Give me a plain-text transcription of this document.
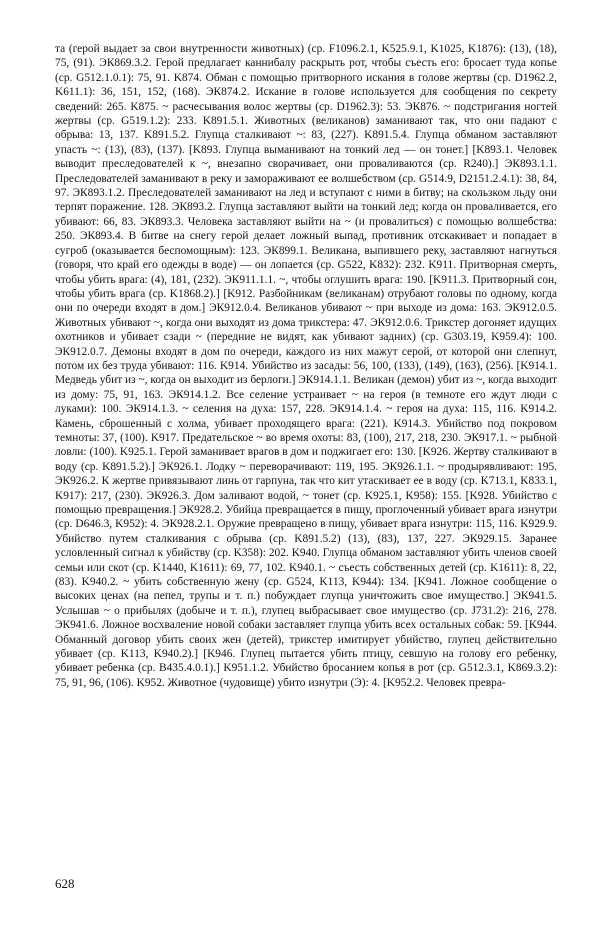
та (герой выдает за свои внутренности животных) (ср. F1096.2.1, K525.9.1, K1025, K1876): (13), (18), 75, (91). ЭК869.3.2. Герой предлагает каннибалу раскрыть рот, чтобы съесть его: бросает туда копье (ср. G512.1.0.1): 75, 91. K874. Обман с помощью притворного искания в голове жертвы (ср. D1962.2, K611.1): 36, 151, 152, (168). ЭК874.2. Искание в голове используется для сообщения по секрету сведений: 265. K875. ~ расчесывания волос жертвы (ср. D1962.3): 53. ЭК876. ~ подстригания ногтей жертвы (ср. G519.1.2): 233. K891.5.1. Животных (великанов) заманивают так, что они падают с обрыва: 13, 137. K891.5.2. Глупца сталкивают ~: 83, (227). K891.5.4. Глупца обманом заставляют упасть ~: (13), (83), (137). [K893. Глупца выманивают на тонкий лед — он тонет.] [K893.1. Человек выводит преследователей к ~, внезапно сворачивает, они проваливаются (ср. R240).] ЭК893.1.1. Преследователей заманивают в реку и замораживают ее волшебством (ср. G514.9, D2151.2.4.1): 38, 84, 97. ЭК893.1.2. Преследователей заманивают на лед и вступают с ними в битву; на скользком льду они терпят поражение. 128. ЭК893.2. Глупца заставляют выйти на тонкий лед; когда он проваливается, его убивают: 66, 83. ЭК893.3. Человека заставляют выйти на ~ (и провалиться) с помощью волшебства: 250. ЭК893.4. В битве на снегу герой делает ложный выпад, противник отскакивает и попадает в сугроб (оказывается беспомощным): 123. ЭК899.1. Великана, выпившего реку, заставляют нагнуться (говоря, что край его одежды в воде) — он лопается (ср. G522, K832): 232. K911. Притворная смерть, чтобы убить врага: (4), 181, (232). ЭК911.1.1. ~, чтобы оглушить врага: 190. [K911.3. Притворный сон, чтобы убить врага (ср. K1868.2).] [K912. Разбойникам (великанам) отрубают головы по одному, когда они по очереди входят в дом.] ЭК912.0.4. Великанов убивают ~ при выходе из дома: 163. ЭК912.0.5. Животных убивают ~, когда они выходят из дома трикстера: 47. ЭК912.0.6. Трикстер догоняет идущих охотников и убивает сзади ~ (передние не видят, как убивают задних) (ср. G303.19, K959.4): 100. ЭК912.0.7. Демоны входят в дом по очереди, каждого из них мажут серой, от которой они слепнут, потом их без труда убивают: 116. K914. Убийство из засады: 56, 100, (133), (149), (163), (256). [K914.1. Медведь убит из ~, когда он выходит из берлоги.] ЭК914.1.1. Великан (демон) убит из ~, когда выходит из дому: 75, 91, 163. ЭК914.1.2. Все селение устраивает ~ на героя (в темноте его ждут люди с луками): 100. ЭК914.1.3. ~ селения на духа: 157, 228. ЭК914.1.4. ~ героя на духа: 115, 116. K914.2. Камень, сброшенный с холма, убивает проходящего врага: (221). K914.3. Убийство под покровом темноты: 37, (100). K917. Предательское ~ во время охоты: 83, (100), 217, 218, 230. ЭК917.1. ~ рыбной ловли: (100). K925.1. Герой заманивает врагов в дом и поджигает его: 130. [K926. Жертву сталкивают в воду (ср. K891.5.2).] ЭК926.1. Лодку ~ переворачивают: 119, 195. ЭК926.1.1. ~ продырявливают: 195. ЭК926.2. К жертве привязывают линь от гарпуна, так что кит утаскивает ее в воду (ср. K713.1, K833.1, K917): 217, (230). ЭК926.3. Дом заливают водой, ~ тонет (ср. K925.1, K958): 155. [K928. Убийство с помощью превращения.] ЭК928.2. Убийца превращается в пищу, проглоченный убивает врага изнутри (ср. D646.3, K952): 4. ЭК928.2.1. Оружие превращено в пищу, убивает врага изнутри: 115, 116. K929.9. Убийство путем сталкивания с обрыва (ср. K891.5.2) (13), (83), 137, 227. ЭК929.15. Заранее условленный сигнал к убийству (ср. K358): 202. K940. Глупца обманом заставляют убить членов своей семьи или скот (ср. K1440, K1611): 69, 77, 102. K940.1. ~ съесть собственных детей (ср. K1611): 8, 22, (83). K940.2. ~ убить собственную жену (ср. G524, K113, K944): 134. [K941. Ложное сообщение о высоких ценах (на пепел, трупы и т. п.) побуждает глупца уничтожить свое имущество.] ЭК941.5. Услышав ~ о прибылях (добыче и т. п.), глупец выбрасывает свое имущество (ср. J731.2): 216, 278. ЭК941.6. Ложное восхваление новой собаки заставляет глупца убить всех остальных собак: 59. [K944. Обманный договор убить своих жен (детей), трикстер имитирует убийство, глупец действительно убивает (ср. K113, K940.2).] [K946. Глупец пытается убить птицу, севшую на голову его ребенку, убивает ребенка (ср. B435.4.0.1).] K951.1.2. Убийство бросанием копья в рот (ср. G512.3.1, K869.3.2): 75, 91, 96, (106). K952. Животное (чудовище) убито изнутри (Э): 4. [K952.2. Человек превра-

628
